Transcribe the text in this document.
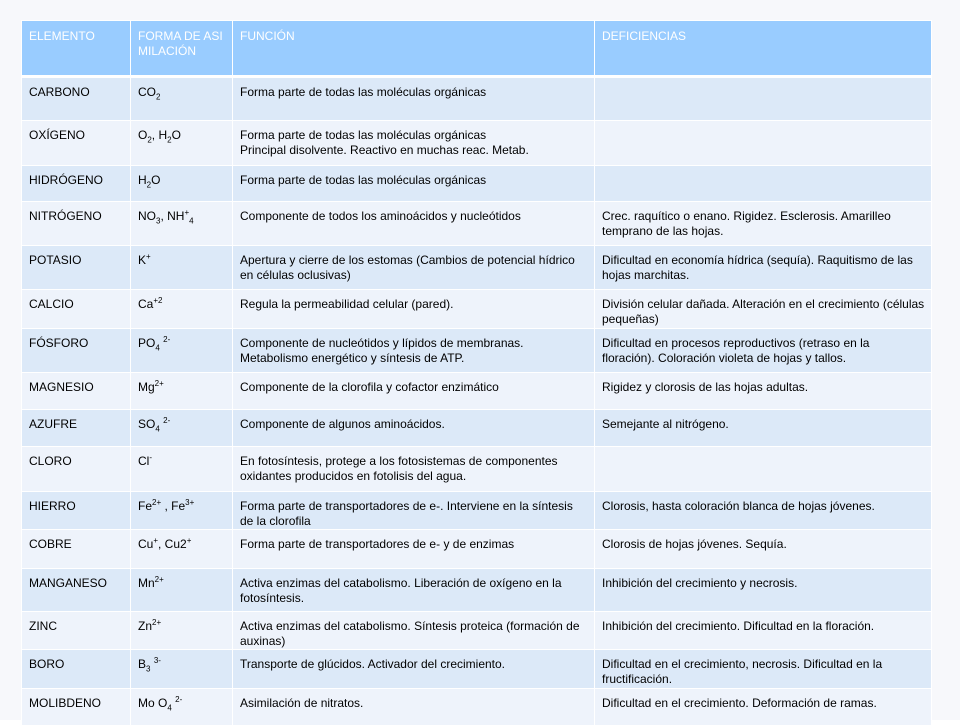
ELEMENTO	FORMA DE ASIMILACIÓN	FUNCIÓN	DEFICIENCIAS
CARBONO	$CO_2$	Forma parte de todas las moléculas orgánicas	
OXÍGENO	$O_2$, $H_2O$	Forma parte de todas las moléculas orgánicas
Principal disolvente. Reactivo en muchas reac. Metab.	
HIDRÓGENO	$H_2O$	Forma parte de todas las moléculas orgánicas	
NITRÓGENO	$NO_3$, $NH^+_4$	Componente de todos los aminoácidos y nucleótidos	Crec. raquítico o enano. Rigidez. Esclerosis. Amarilleo temprano de las hojas.
POTASIO	K+	Apertura y cierre de los estomas (Cambios de potencial hídrico en células oclusivas)	Dificultad en economía hídrica (sequía). Raquitismo de las hojas marchitas.
CALCIO	$Ca^{+2}$	Regula la permeabilidad celular (pared).	División celular dañada. Alteración en el crecimiento (células pequeñas)
FÓSFORO	$PO_4$ $^{2-}$	Componente de nucleótidos y lípidos de membranas. Metabolismo energético y síntesis de ATP.	Dificultad en procesos reproductivos (retraso en la floración). Coloración violeta de hojas y tallos.
MAGNESIO	$Mg^{2+}$	Componente de la clorofila y cofactor enzimático	Rigidez y clorosis de las hojas adultas.
AZUFRE	$SO_4$ $^{2-}$	Componente de algunos aminoácidos.	Semejante al nitrógeno.
CLORO	Cl-	En fotosíntesis, protege a los fotosistemas de componentes oxidantes producidos en fotolisis del agua.	
HIERRO	$Fe^{2+}$ , $Fe^{3+}$	Forma parte de transportadores de e-. Interviene en la síntesis de la clorofila	Clorosis, hasta coloración blanca de hojas jóvenes.
COBRE	Cu+, Cu2+	Forma parte de transportadores de e- y de enzimas	Clorosis de hojas jóvenes. Sequía.
MANGANESO	$Mn^{2+}$	Activa enzimas del catabolismo. Liberación de oxígeno en la fotosíntesis.	Inhibición del crecimiento y necrosis.
ZINC	$Zn^{2+}$	Activa enzimas del catabolismo. Síntesis proteica (formación de auxinas)	Inhibición del crecimiento. Dificultad en la floración.
BORO	$B_3$ $^{3-}$	Transporte de glúcidos. Activador del crecimiento.	Dificultad en el crecimiento, necrosis. Dificultad en la fructificación.
MOLIBDENO	Mo $O_4$ $^{2-}$	Asimilación de nitratos.	Dificultad en el crecimiento. Deformación de ramas.
